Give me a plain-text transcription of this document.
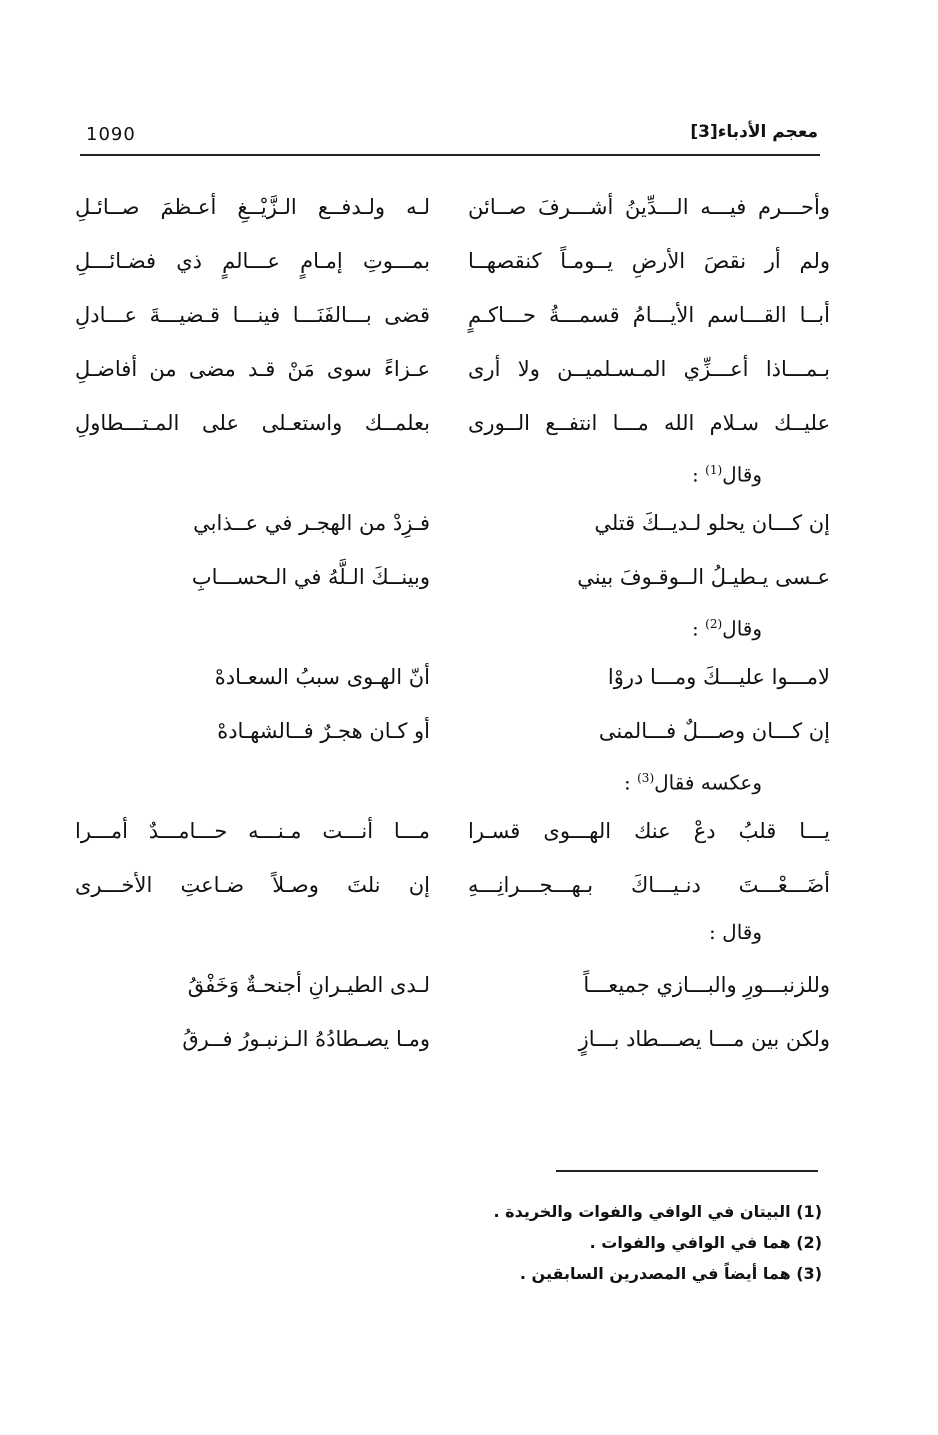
1090	معجم الأدباء[3]
وأحـــرم فيـــه الـــدِّينُ أشـــرفَ صــائن
لـه ولـدفــع الـزَّيْــغِ أعـظمَ صــائـلِ
ولم أر نقصَ الأرضِ يــومـاً كنقصهــا
بمـــوتِ إمـامٍ عـــالمٍ ذي فضـائـــلِ
أبــا القـــاسم الأيـــامُ قسمـــةُ حـــاكـمٍ
قضى بـــالفَنَـــا فينـــا قـضيـــةَ عـــادلِ
بـمـــاذا أعـــزِّي المـسـلميــن ولا أرى
عـزاءً سوى مَنْ قـد مضى من أفاضـلِ
عليــك سـلام الله مـــا انتفــع الــورى
بعلمــك واستعـلى على المـتـــطاولِ
وقال$^{(1)}$ :
إن كـــان يحلو لـديــكَ قتلي
فـزِدْ من الهجـر في عــذابي
عـسى يـطيـلُ الــوقـوفَ بيني
وبينــكَ الـلَّهُ في الـحســـابِ
وقال$^{(2)}$ :
لامـــوا عليـــكَ ومـــا دروْا
أنّ الهـوى سببُ السعـادهْ
إن كـــان وصـــلٌ فـــالمنى
أو كـان هجـرٌ فــالشهـادهْ
وعكسه فقال$^{(3)}$ :
يـــا قلبُ دعْ عنك الهـــوى قسـرا
مـــا أنـــت مـنـــه حـــامـــدٌ أمـــرا
أضَـــعْـــتَ دنـيـــاكَ بـهـــجـــرانِـــهِ
إن نلتَ وصـلاً ضـاعتِ الأخـــرى
وقال :
وللزنبـــورِ والبـــازي جميعـــاً
لـدى الطيـرانِ أجنحـةٌ وَخَفْقُ
ولكن بين مـــا يصـــطاد بـــازٍ
ومـا يصـطادُهُ الـزنبـورُ فــرقُ
(1) البيتان في الوافي والفوات والخريدة .
(2) هما في الوافي والفوات .
(3) هما أيضاً في المصدرين السابقين .
